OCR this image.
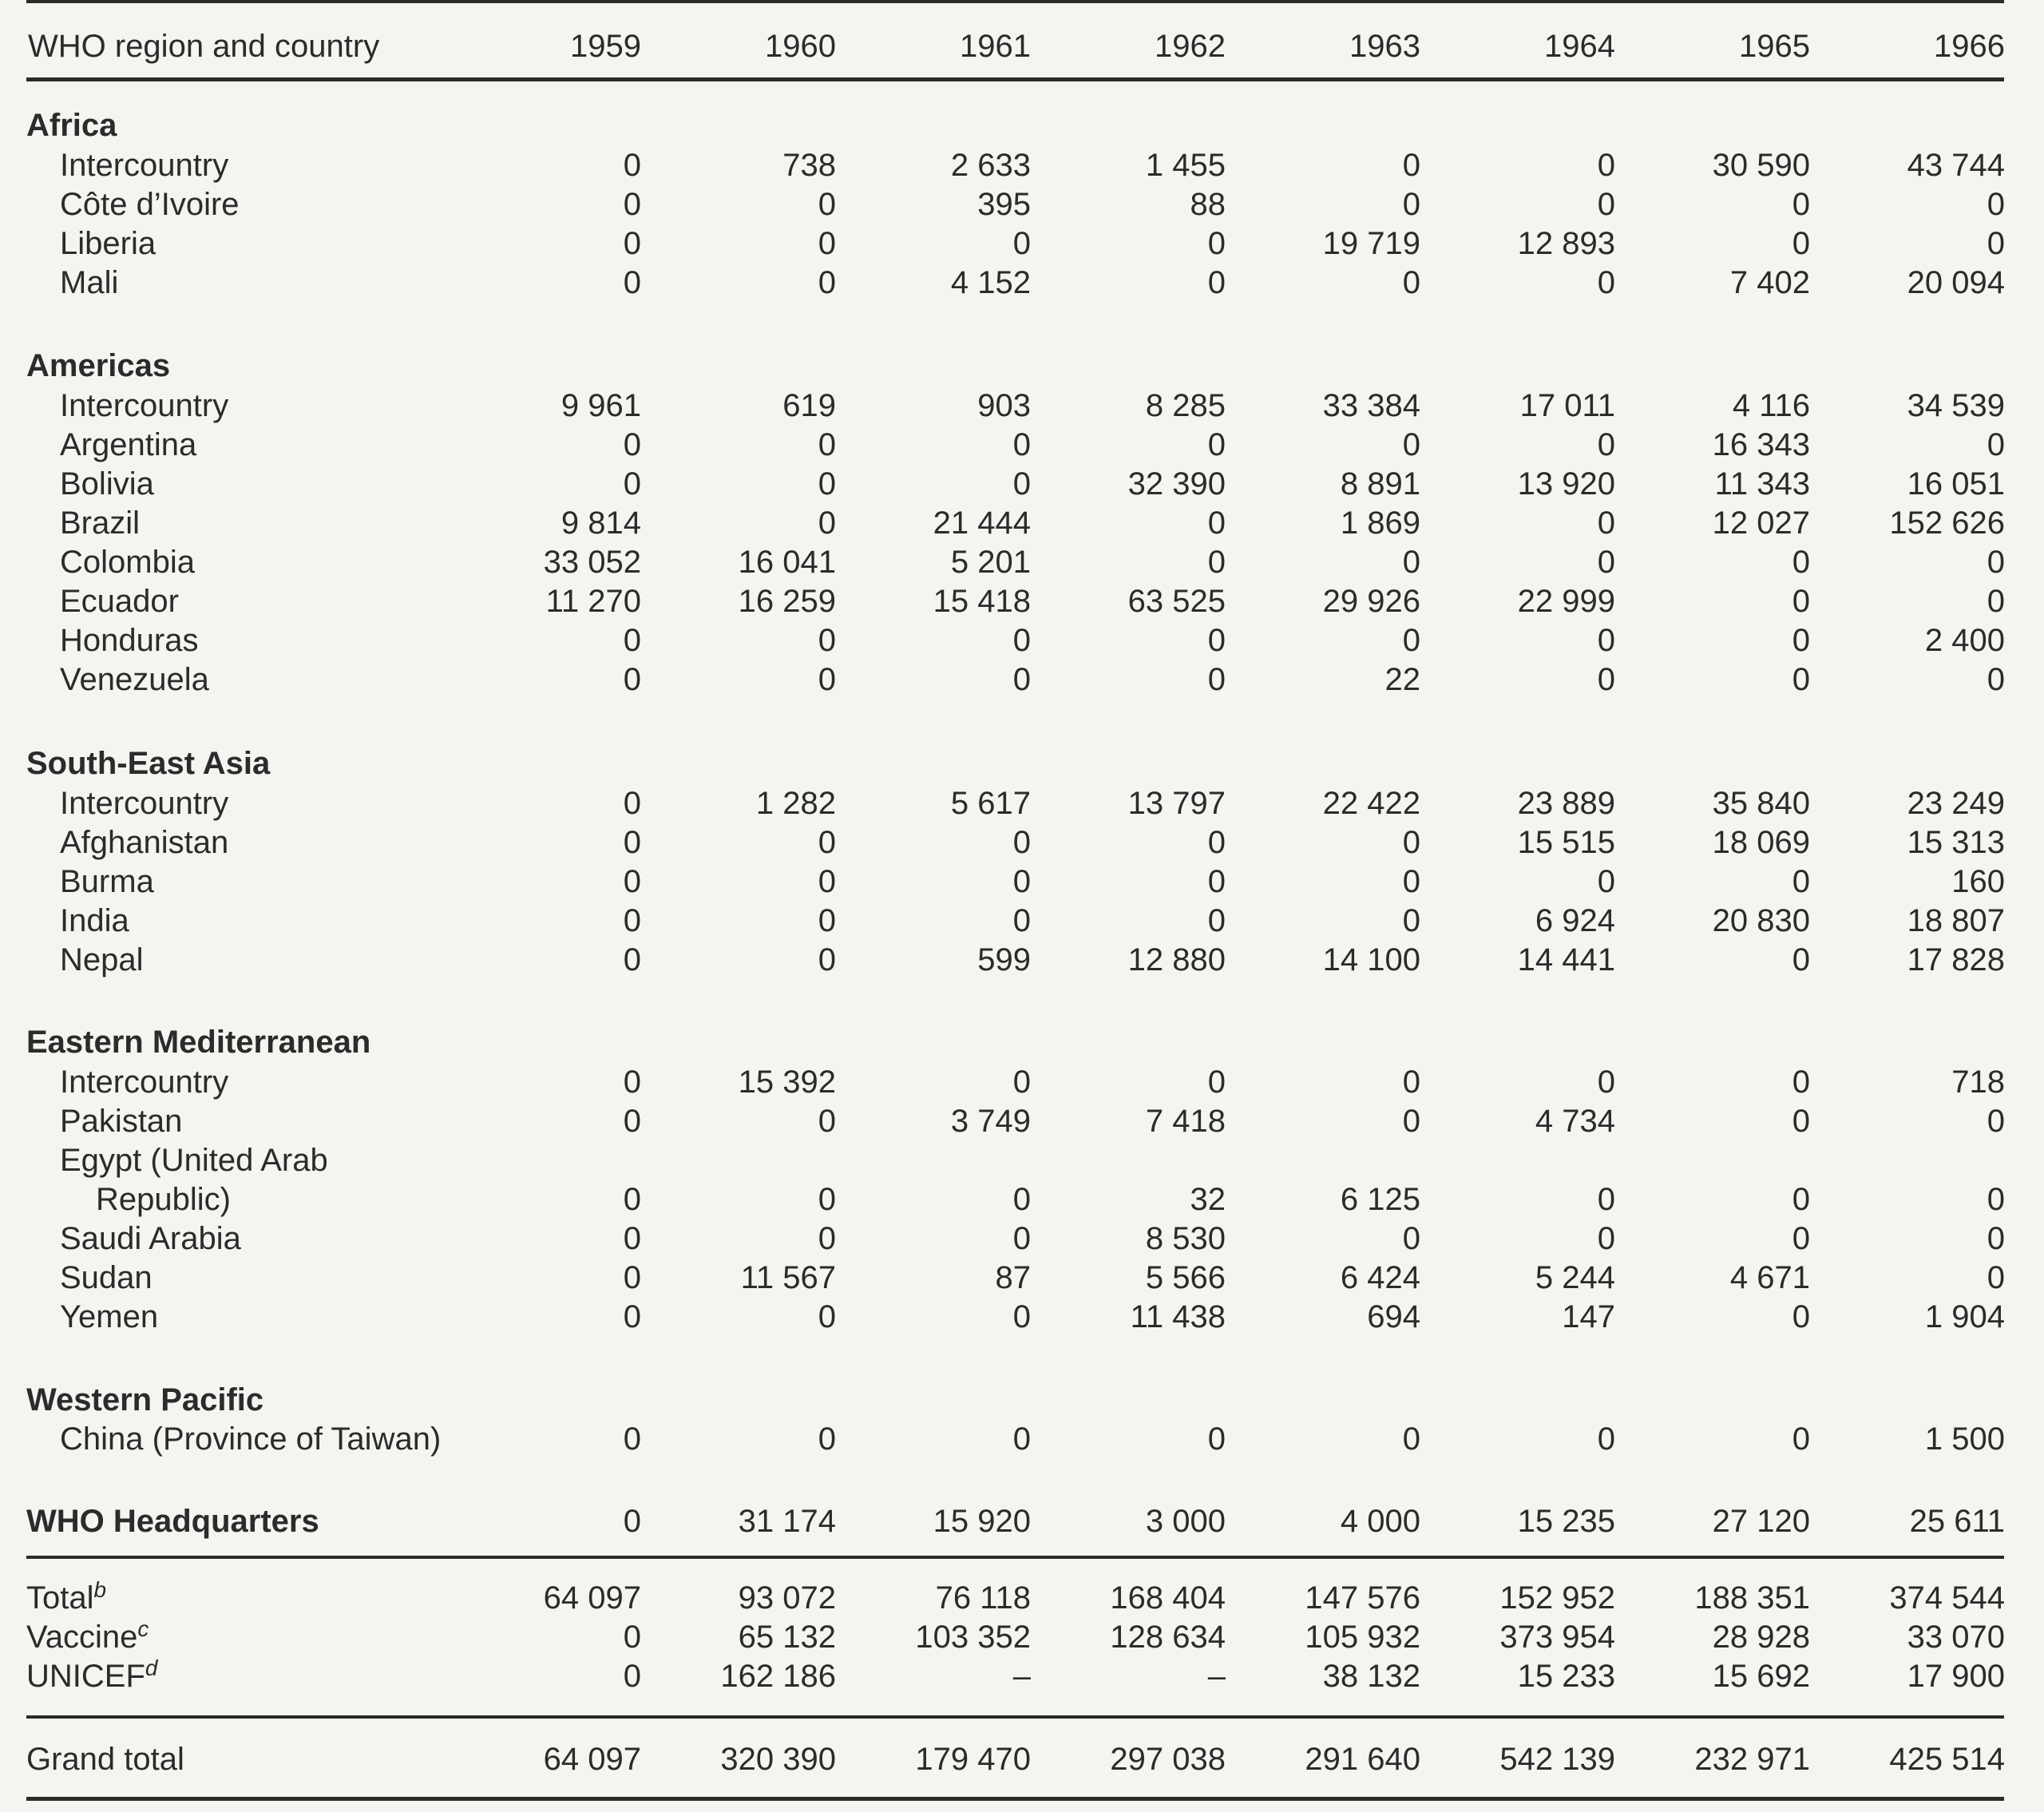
WHO region and country	1959	1960	1961	1962	1963	1964	1965	1966
Africa
Intercountry	0	738	2 633	1 455	0	0	30 590	43 744
Côte d’Ivoire	0	0	395	88	0	0	0	0
Liberia	0	0	0	0	19 719	12 893	0	0
Mali	0	0	4 152	0	0	0	7 402	20 094
Americas
Intercountry	9 961	619	903	8 285	33 384	17 011	4 116	34 539
Argentina	0	0	0	0	0	0	16 343	0
Bolivia	0	0	0	32 390	8 891	13 920	11 343	16 051
Brazil	9 814	0	21 444	0	1 869	0	12 027	152 626
Colombia	33 052	16 041	5 201	0	0	0	0	0
Ecuador	11 270	16 259	15 418	63 525	29 926	22 999	0	0
Honduras	0	0	0	0	0	0	0	2 400
Venezuela	0	0	0	0	22	0	0	0
South-East Asia
Intercountry	0	1 282	5 617	13 797	22 422	23 889	35 840	23 249
Afghanistan	0	0	0	0	0	15 515	18 069	15 313
Burma	0	0	0	0	0	0	0	160
India	0	0	0	0	0	6 924	20 830	18 807
Nepal	0	0	599	12 880	14 100	14 441	0	17 828
Eastern Mediterranean
Intercountry	0	15 392	0	0	0	0	0	718
Pakistan	0	0	3 749	7 418	0	4 734	0	0
Egypt (United Arab
Republic)	0	0	0	32	6 125	0	0	0
Saudi Arabia	0	0	0	8 530	0	0	0	0
Sudan	0	11 567	87	5 566	6 424	5 244	4 671	0
Yemen	0	0	0	11 438	694	147	0	1 904
Western Pacific
China (Province of Taiwan)	0	0	0	0	0	0	0	1 500
WHO Headquarters	0	31 174	15 920	3 000	4 000	15 235	27 120	25 611
Total$^b$	64 097	93 072	76 118	168 404	147 576	152 952	188 351	374 544
Vaccine$^c$	0	65 132	103 352	128 634	105 932	373 954	28 928	33 070
UNICEF$^d$	0	162 186	–	–	38 132	15 233	15 692	17 900
Grand total	64 097	320 390	179 470	297 038	291 640	542 139	232 971	425 514
